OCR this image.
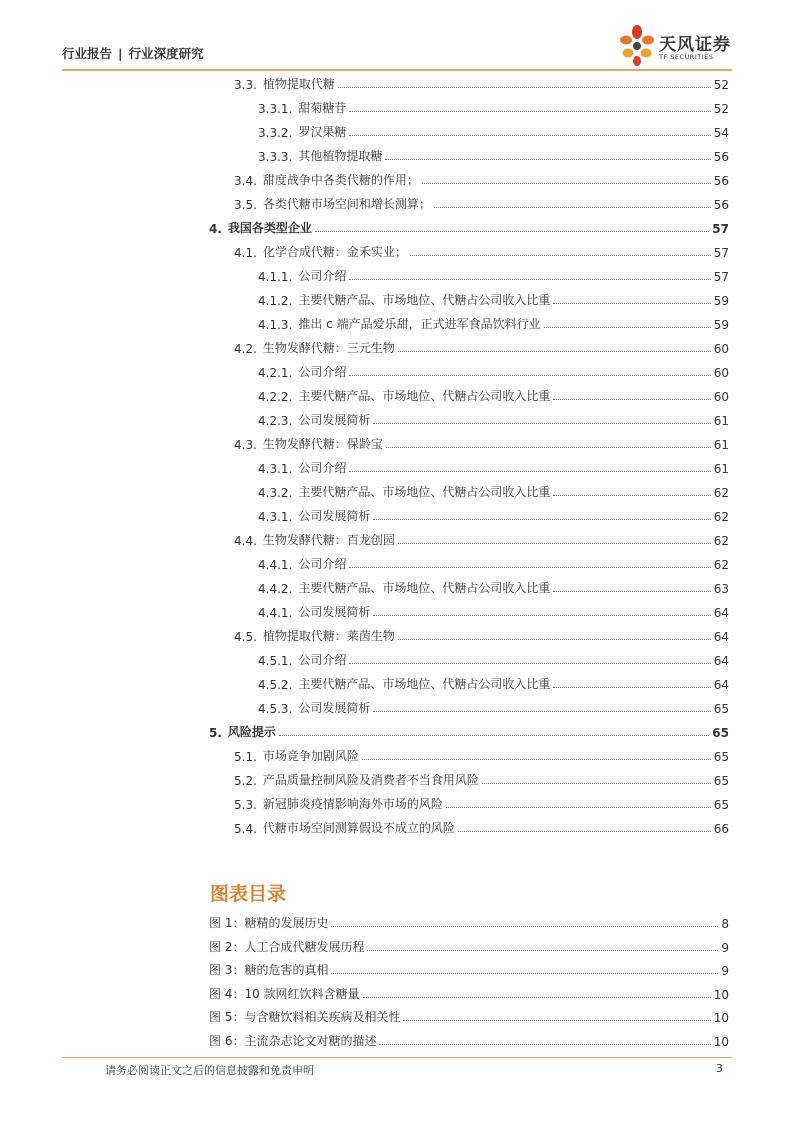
行业报告 | 行业深度研究	天风证券
TF SECURITIES
3.3. 植物提取代糖	52
3.3.1. 甜菊糖苷	52
3.3.2. 罗汉果糖	54
3.3.3. 其他植物提取糖	56
3.4. 甜度战争中各类代糖的作用；	56
3.5. 各类代糖市场空间和增长测算；	56
4. 我国各类型企业	57
4.1. 化学合成代糖：金禾实业；	57
4.1.1. 公司介绍	57
4.1.2. 主要代糖产品、市场地位、代糖占公司收入比重	59
4.1.3. 推出 c 端产品爱乐甜，正式进军食品饮料行业	59
4.2. 生物发酵代糖：三元生物	60
4.2.1. 公司介绍	60
4.2.2. 主要代糖产品、市场地位、代糖占公司收入比重	60
4.2.3. 公司发展简析	61
4.3. 生物发酵代糖：保龄宝	61
4.3.1. 公司介绍	61
4.3.2. 主要代糖产品、市场地位、代糖占公司收入比重	62
4.3.1. 公司发展简析	62
4.4. 生物发酵代糖：百龙创园	62
4.4.1. 公司介绍	62
4.4.2. 主要代糖产品、市场地位、代糖占公司收入比重	63
4.4.1. 公司发展简析	64
4.5. 植物提取代糖：莱茵生物	64
4.5.1. 公司介绍	64
4.5.2. 主要代糖产品、市场地位、代糖占公司收入比重	64
4.5.3. 公司发展简析	65
5. 风险提示	65
5.1. 市场竞争加剧风险	65
5.2. 产品质量控制风险及消费者不当食用风险	65
5.3. 新冠肺炎疫情影响海外市场的风险	65
5.4. 代糖市场空间测算假设不成立的风险	66
图表目录
图 1：糖精的发展历史	8
图 2：人工合成代糖发展历程	9
图 3：糖的危害的真相	9
图 4：10 款网红饮料含糖量	10
图 5：与含糖饮料相关疾病及相关性	10
图 6：主流杂志论文对糖的描述	10
请务必阅读正文之后的信息披露和免责申明	3
